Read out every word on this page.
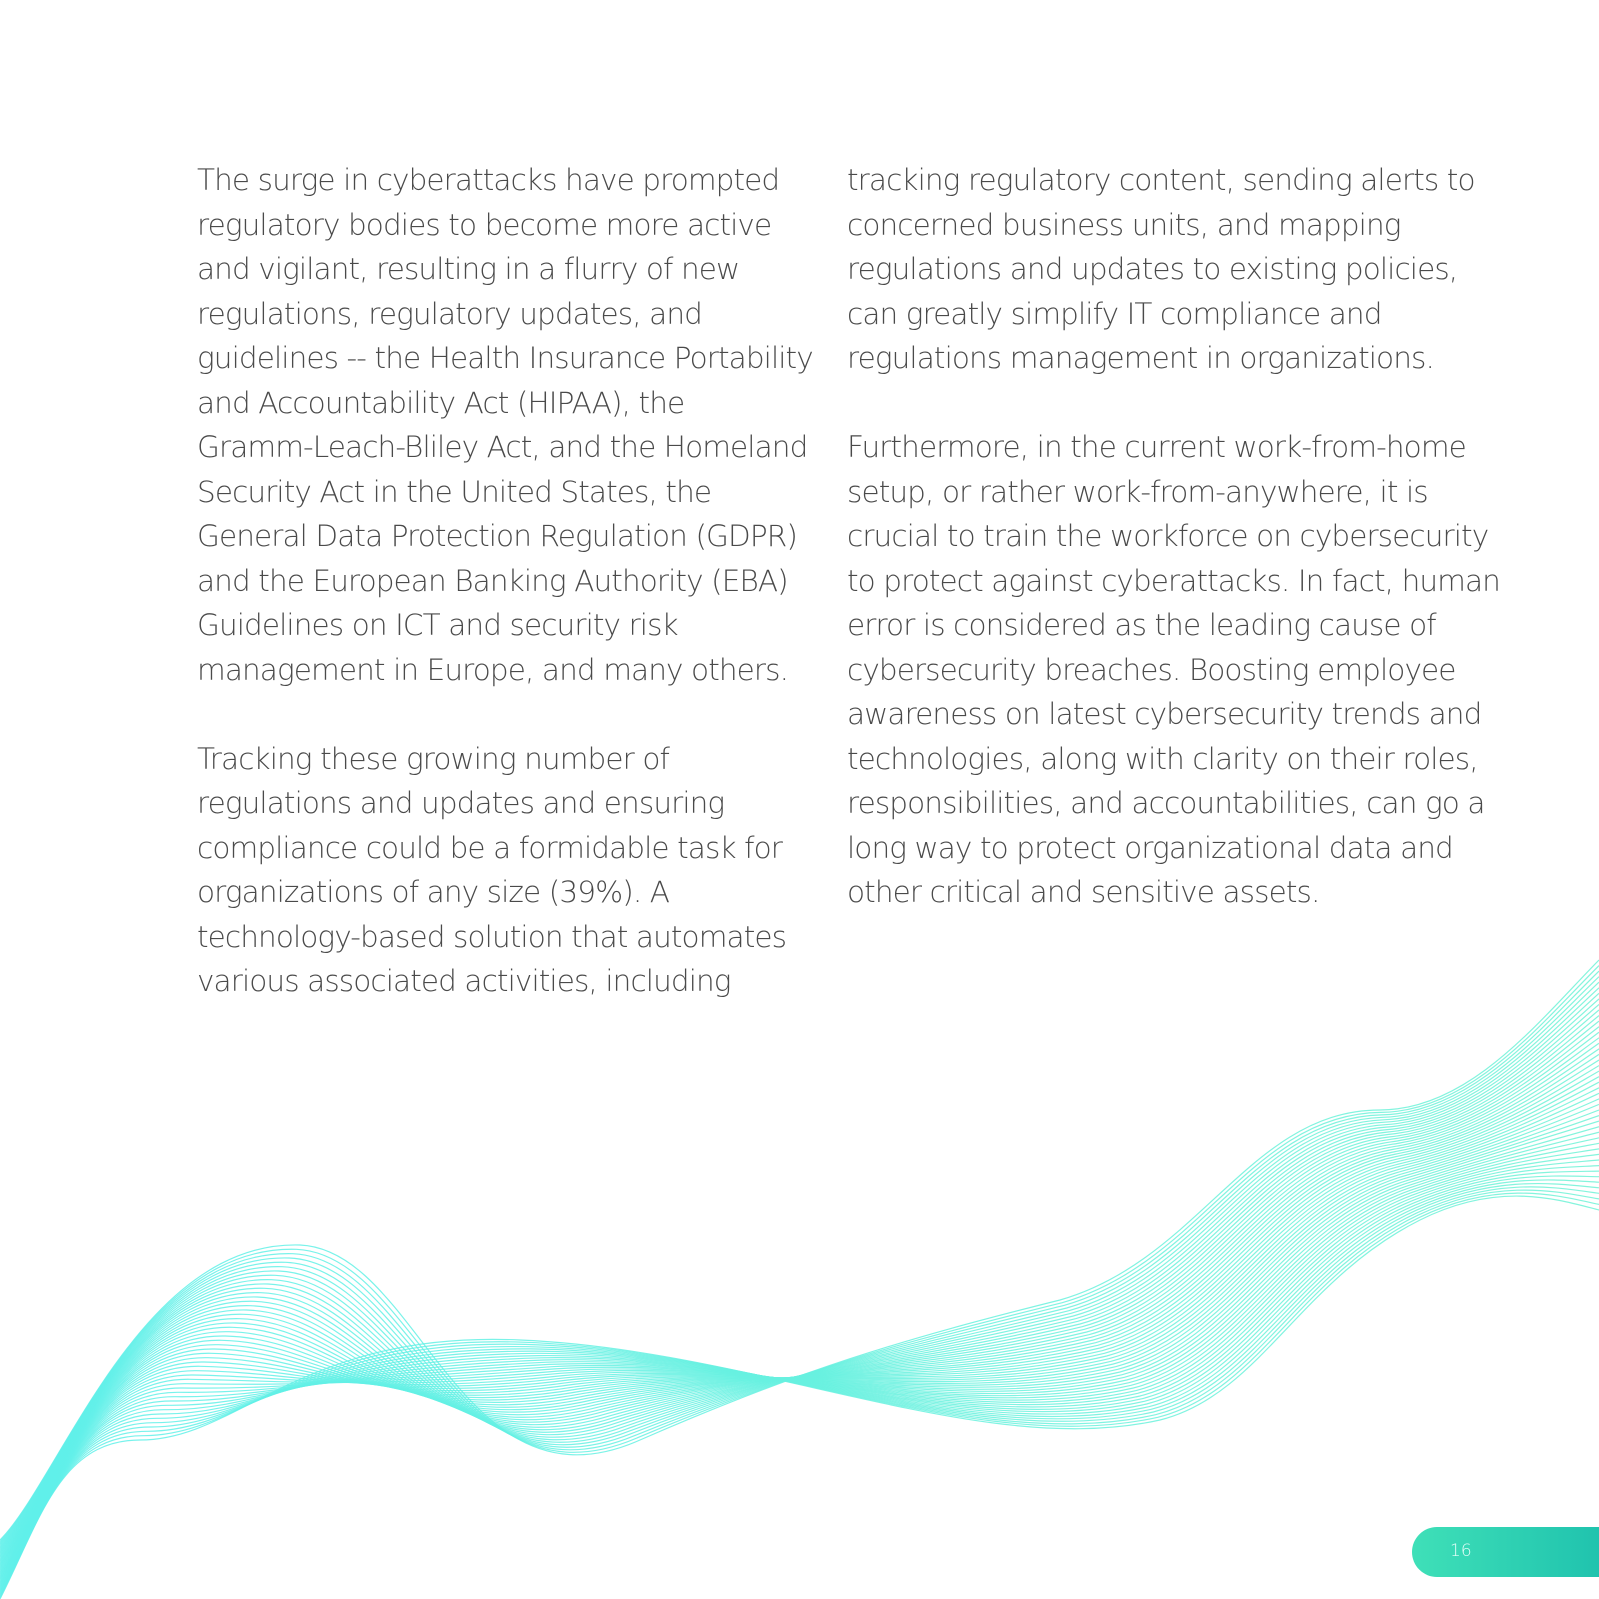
The surge in cyberattacks have prompted
regulatory bodies to become more active
and vigilant, resulting in a flurry of new
regulations, regulatory updates, and
guidelines -- the Health Insurance Portability
and Accountability Act (HIPAA), the
Gramm-Leach-Bliley Act, and the Homeland
Security Act in the United States, the
General Data Protection Regulation (GDPR)
and the European Banking Authority (EBA)
Guidelines on ICT and security risk
management in Europe, and many others.
Tracking these growing number of
regulations and updates and ensuring
compliance could be a formidable task for
organizations of any size (39%). A
technology-based solution that automates
various associated activities, including
tracking regulatory content, sending alerts to
concerned business units, and mapping
regulations and updates to existing policies,
can greatly simplify IT compliance and
regulations management in organizations.
Furthermore, in the current work-from-home
setup, or rather work-from-anywhere, it is
crucial to train the workforce on cybersecurity
to protect against cyberattacks. In fact, human
error is considered as the leading cause of
cybersecurity breaches. Boosting employee
awareness on latest cybersecurity trends and
technologies, along with clarity on their roles,
responsibilities, and accountabilities, can go a
long way to protect organizational data and
other critical and sensitive assets.
16
